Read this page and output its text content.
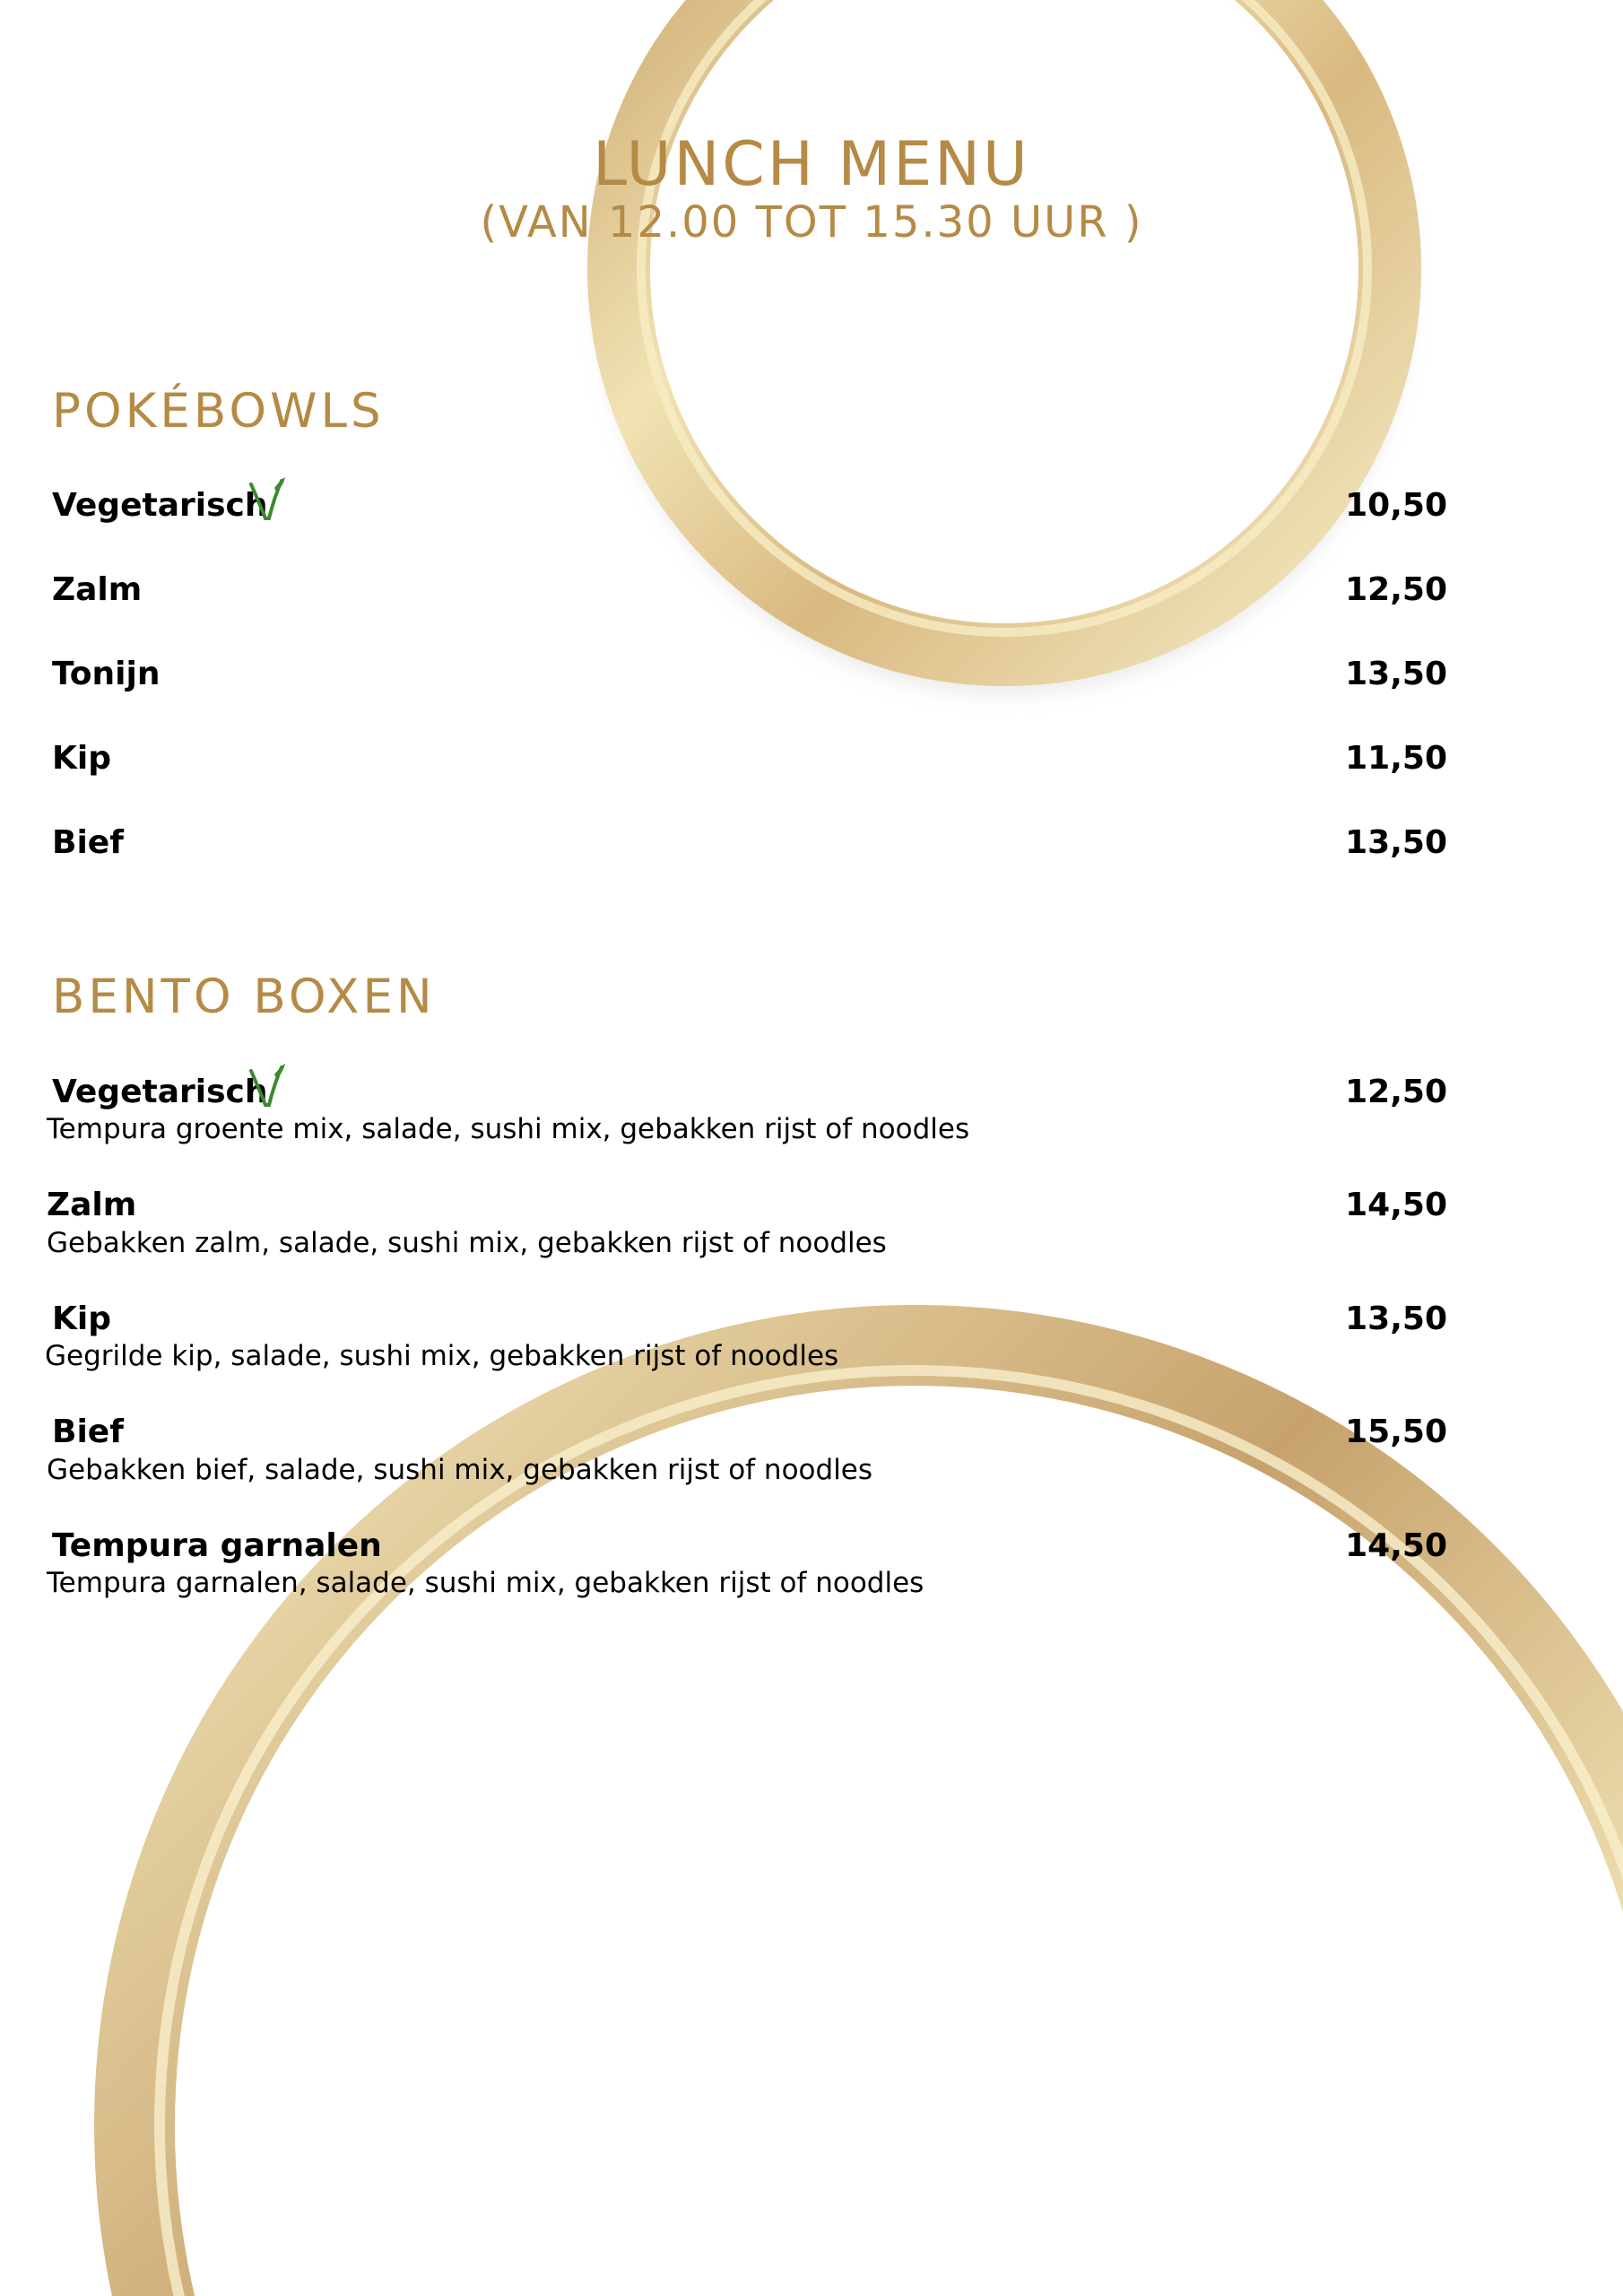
LUNCH MENU
(VAN 12.00 TOT 15.30 UUR )
POKÉBOWLS
Vegetarisch	10,50
Zalm	12,50
Tonijn	13,50
Kip	11,50
Bief	13,50
BENTO BOXEN
Vegetarisch	12,50
Tempura groente mix, salade, sushi mix, gebakken rijst of noodles
Zalm	14,50
Gebakken zalm, salade, sushi mix, gebakken rijst of noodles
Kip	13,50
Gegrilde kip, salade, sushi mix, gebakken rijst of noodles
Bief	15,50
Gebakken bief, salade, sushi mix, gebakken rijst of noodles
Tempura garnalen	14,50
Tempura garnalen, salade, sushi mix, gebakken rijst of noodles
